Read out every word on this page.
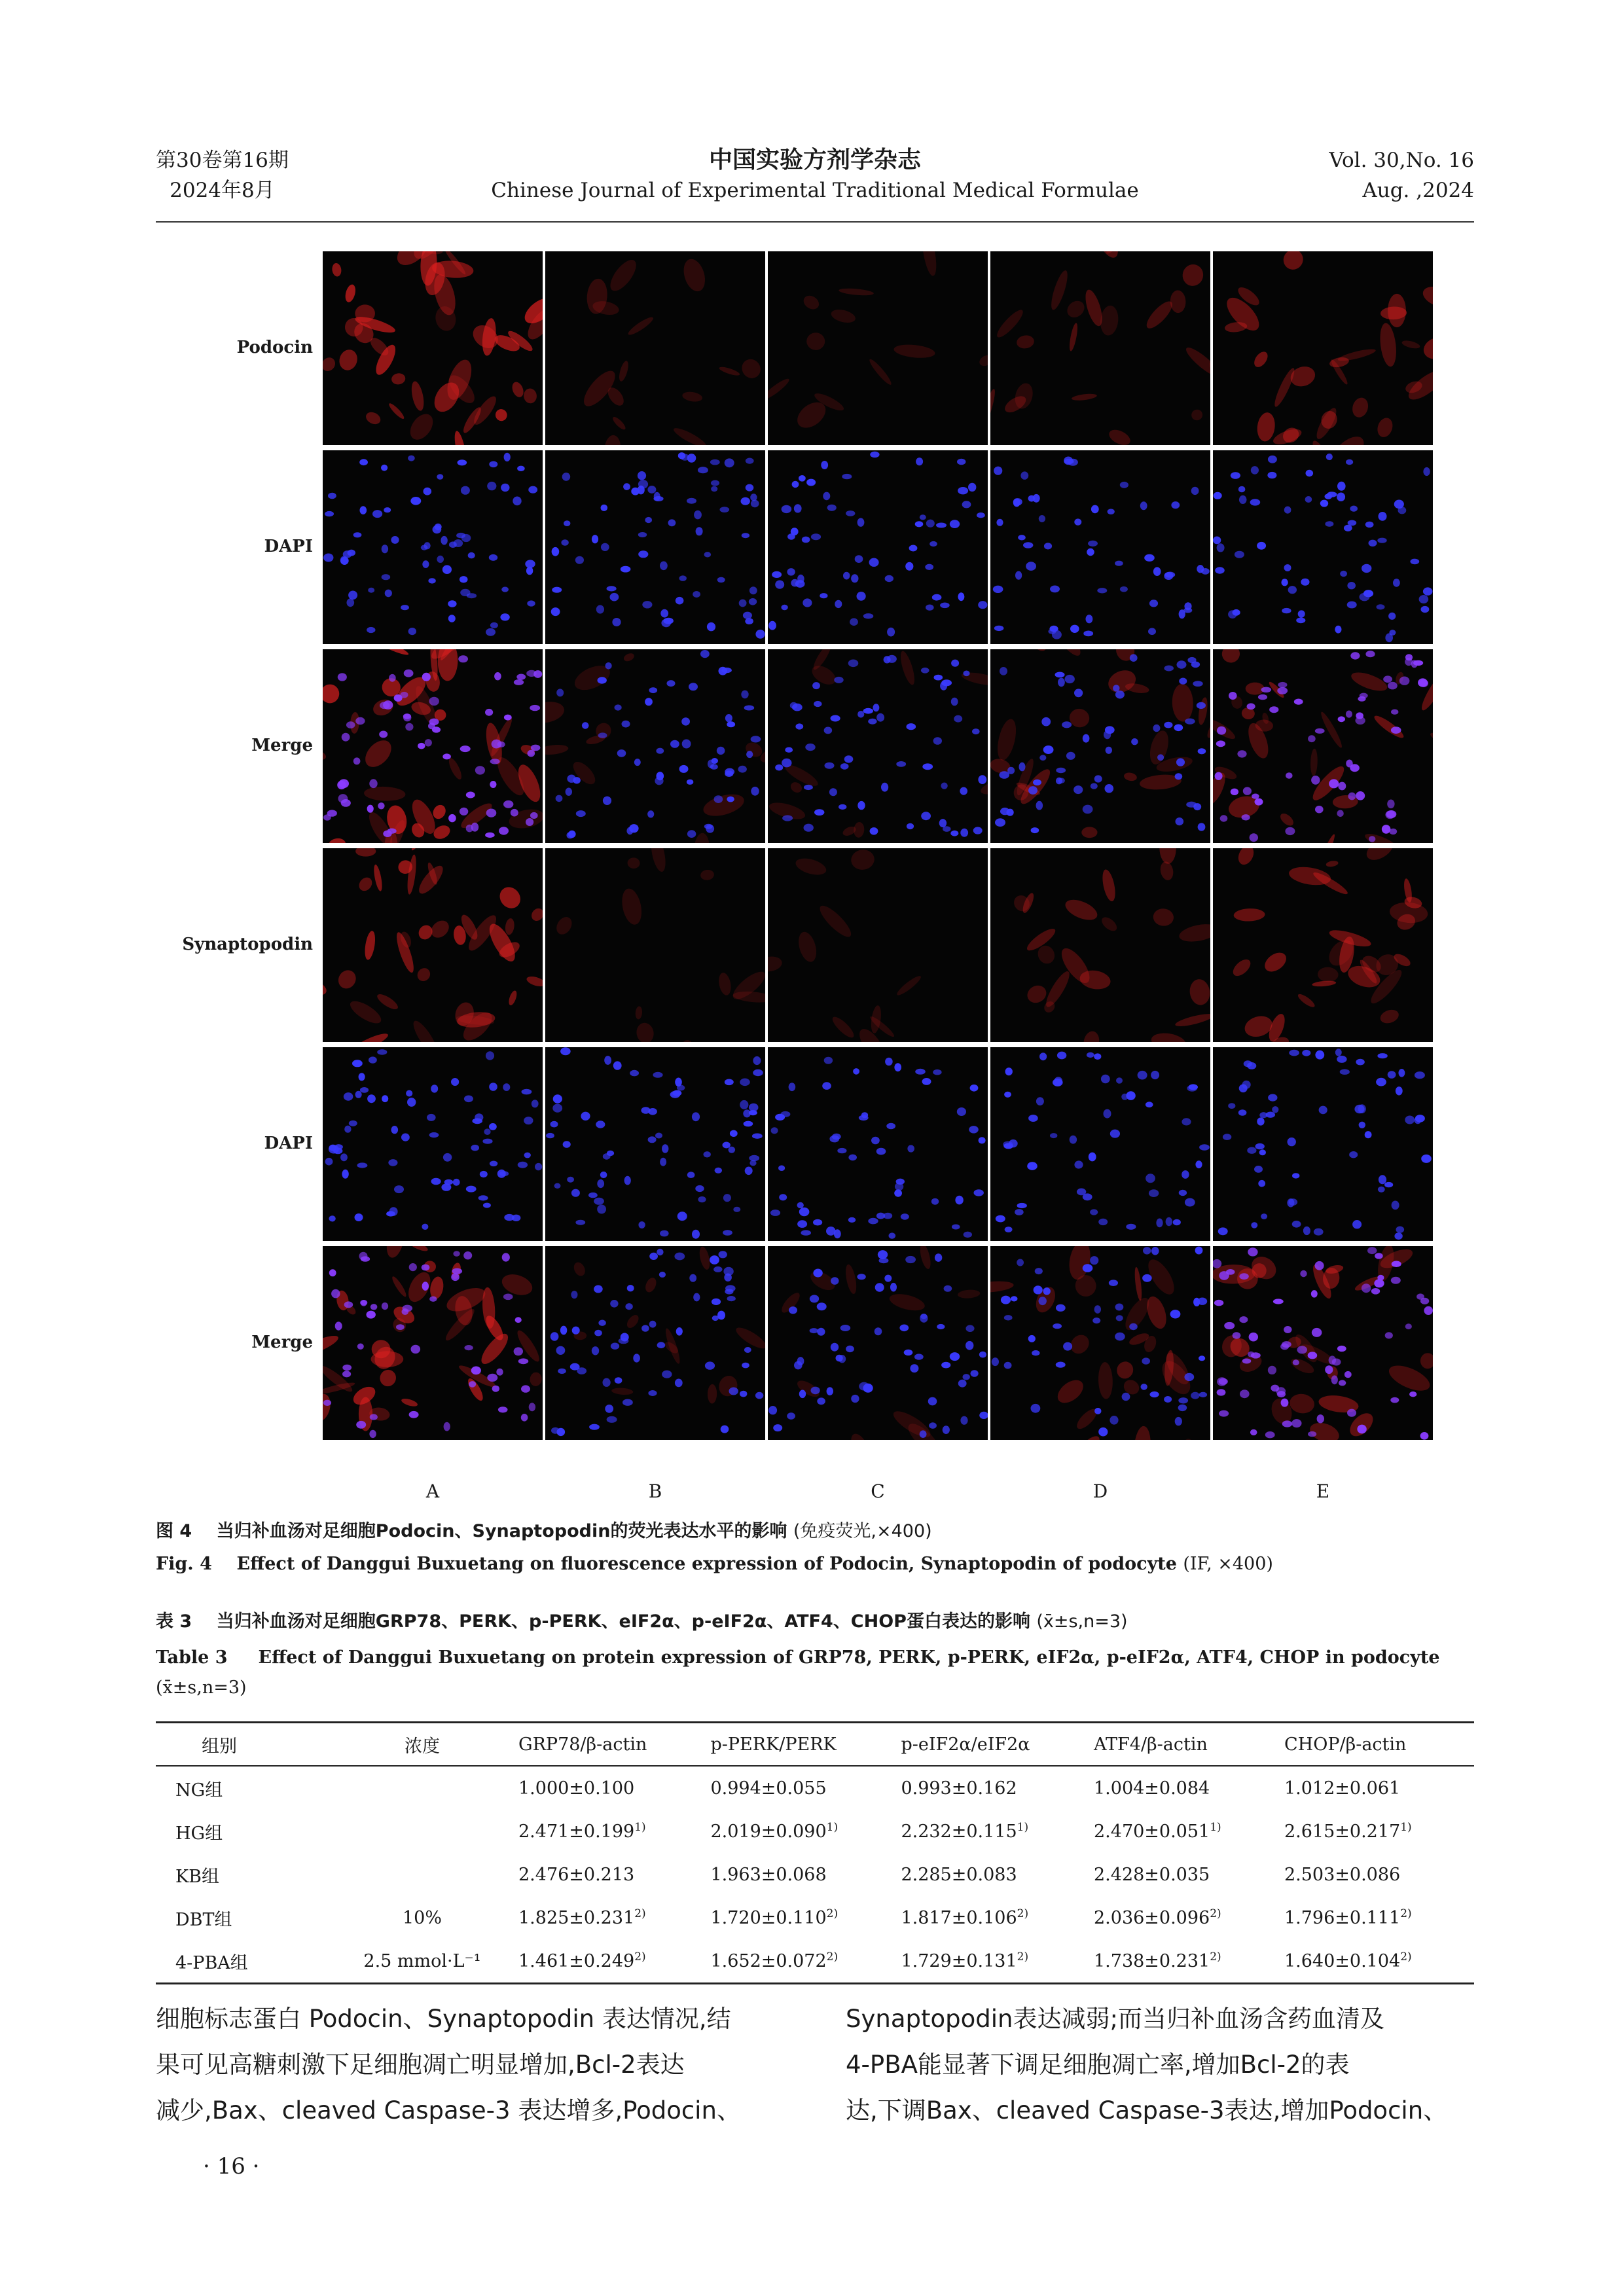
第30卷第16期
2024年8月
中国实验方剂学杂志
Chinese Journal of Experimental Traditional Medical Formulae
Vol. 30,No. 16
Aug. ,2024
Podocin
DAPI
Merge
Synaptopodin
DAPI
Merge
A	B	C	D	E
图 4 当归补血汤对足细胞Podocin、Synaptopodin的荧光表达水平的影响 (免疫荧光,×400)
Fig. 4 Effect of Danggui Buxuetang on fluorescence expression of Podocin, Synaptopodin of podocyte (IF, ×400)
表 3 当归补血汤对足细胞GRP78、PERK、p-PERK、eIF2α、p-eIF2α、ATF4、CHOP蛋白表达的影响 (x̄±s,n=3)
Table 3 Effect of Danggui Buxuetang on protein expression of GRP78, PERK, p-PERK, eIF2α, p-eIF2α, ATF4, CHOP in podocyte (x̄±s,n=3)
组别	浓度	GRP78/β-actin	p-PERK/PERK	p-eIF2α/eIF2α	ATF4/β-actin	CHOP/β-actin
NG组		1.000±0.100	0.994±0.055	0.993±0.162	1.004±0.084	1.012±0.061
HG组		$2.471\pm 0.199^{1)}$	$2.019\pm 0.090^{1)}$	$2.232\pm 0.115^{1)}$	$2.470\pm 0.051^{1)}$	$2.615\pm 0.217^{1)}$
KB组		2.476±0.213	1.963±0.068	2.285±0.083	2.428±0.035	2.503±0.086
DBT组	10%	$1.825\pm 0.231^{2)}$	$1.720\pm 0.110^{2)}$	$1.817\pm 0.106^{2)}$	$2.036\pm 0.096^{2)}$	$1.796\pm 0.111^{2)}$
4-PBA组	2.5 mmol·L⁻¹	$1.461\pm 0.249^{2)}$	$1.652\pm 0.072^{2)}$	$1.729\pm 0.131^{2)}$	$1.738\pm 0.231^{2)}$	$1.640\pm 0.104^{2)}$
细胞标志蛋白 Podocin、Synaptopodin 表达情况,结
果可见高糖刺激下足细胞凋亡明显增加,Bcl-2表达
减少,Bax、cleaved Caspase-3 表达增多,Podocin、
Synaptopodin表达减弱;而当归补血汤含药血清及
4-PBA能显著下调足细胞凋亡率,增加Bcl-2的表
达,下调Bax、cleaved Caspase-3表达,增加Podocin、
· 16 ·
